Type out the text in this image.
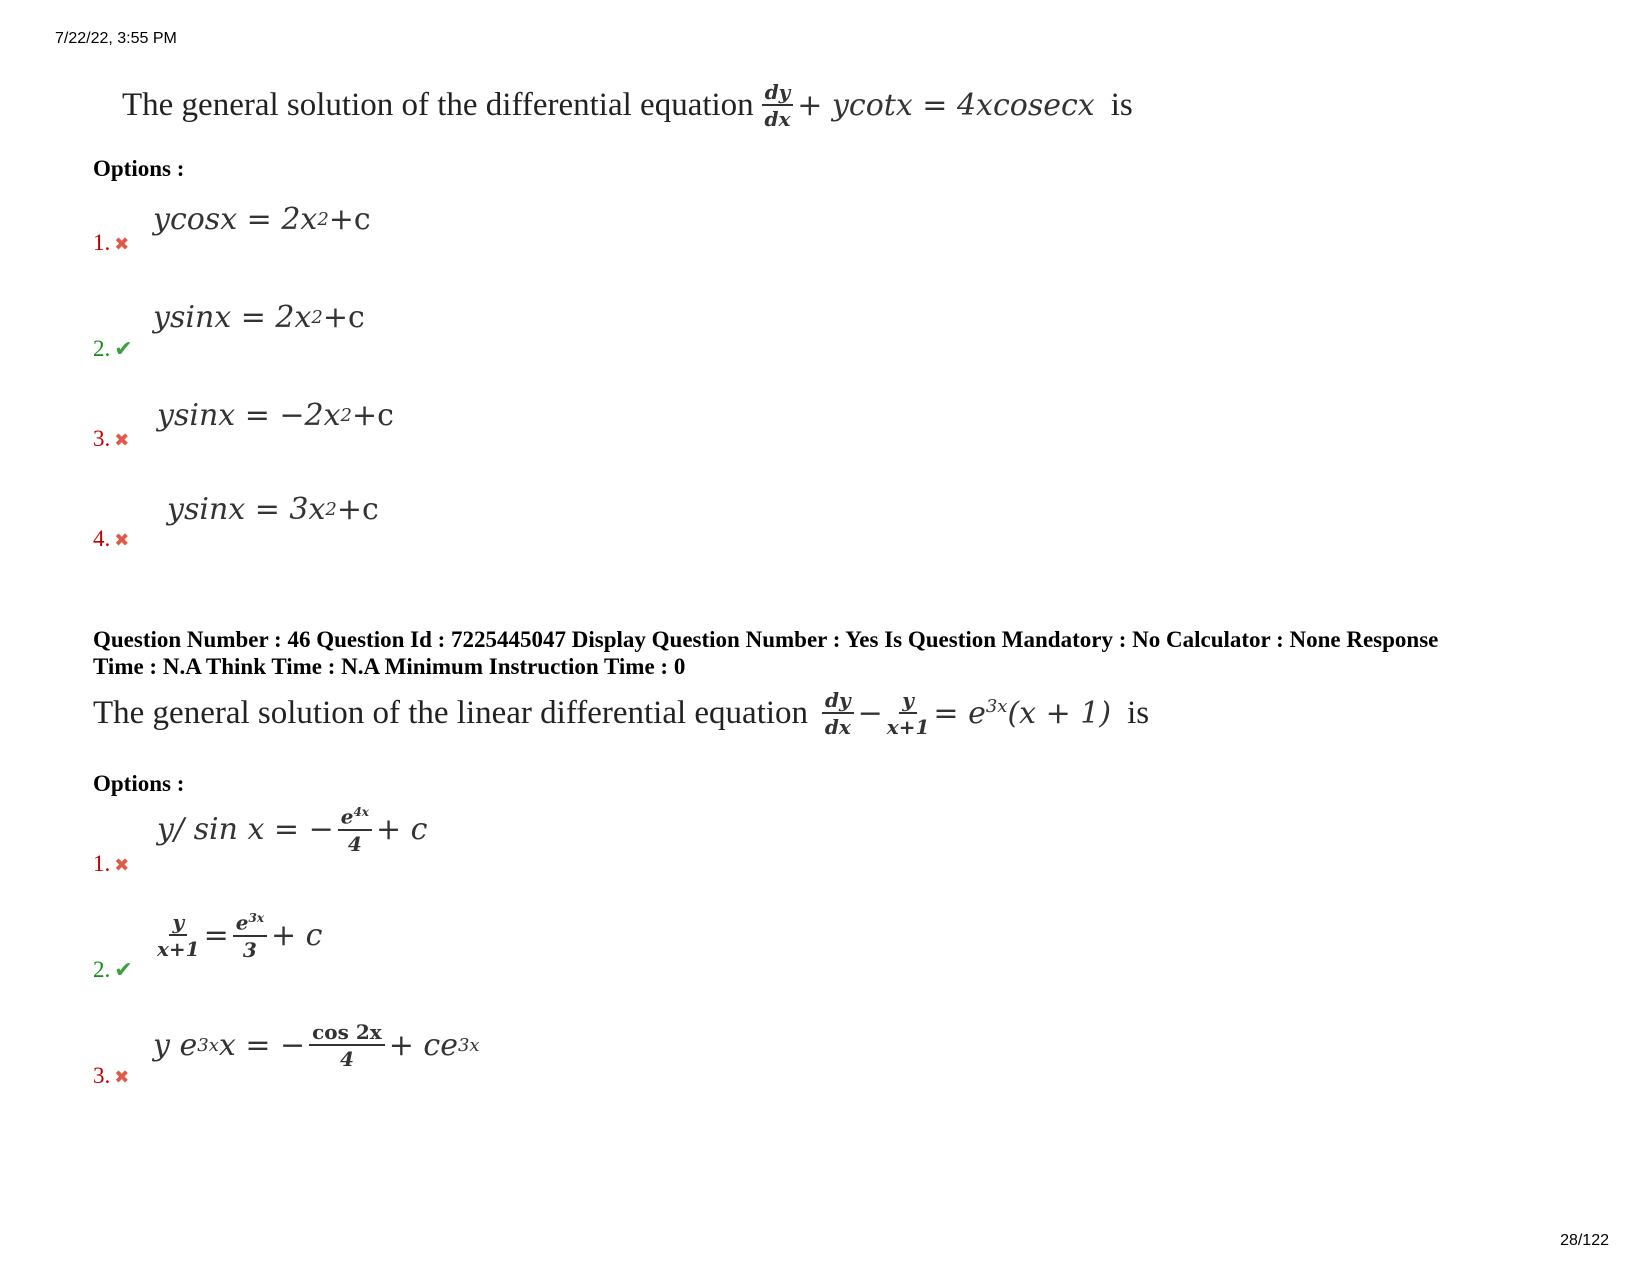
7/22/22, 3:55 PM
The general solution of the differential equation $\frac{dy}{dx} + ycotx = 4xcosecx$ is
Options :
1. ✖
ycosx = 2x 2 +c
2. ✔
ysinx = 2x 2 +c
3. ✖
ysinx = −2x 2 +c
4. ✖
ysinx = 3x 2 +c
Question Number : 46 Question Id : 7225445047 Display Question Number : Yes Is Question Mandatory : No Calculator : None Response Time : N.A Think Time : N.A Minimum Instruction Time : 0
The general solution of the linear differential equation $\frac{dy}{dx} - \frac{y}{x+1} = e^{3x}(x + 1)$ is
Options :
1. ✖
y/ sin x = − $\frac{e^{4x}}{4} + c$
2. ✔
$\frac{y}{x+1} = \frac{e^{3x}}{3} + c$
3. ✖
y e 3x x = − $\frac{\cos 2x}{4}$ + ce 3x
28/122
